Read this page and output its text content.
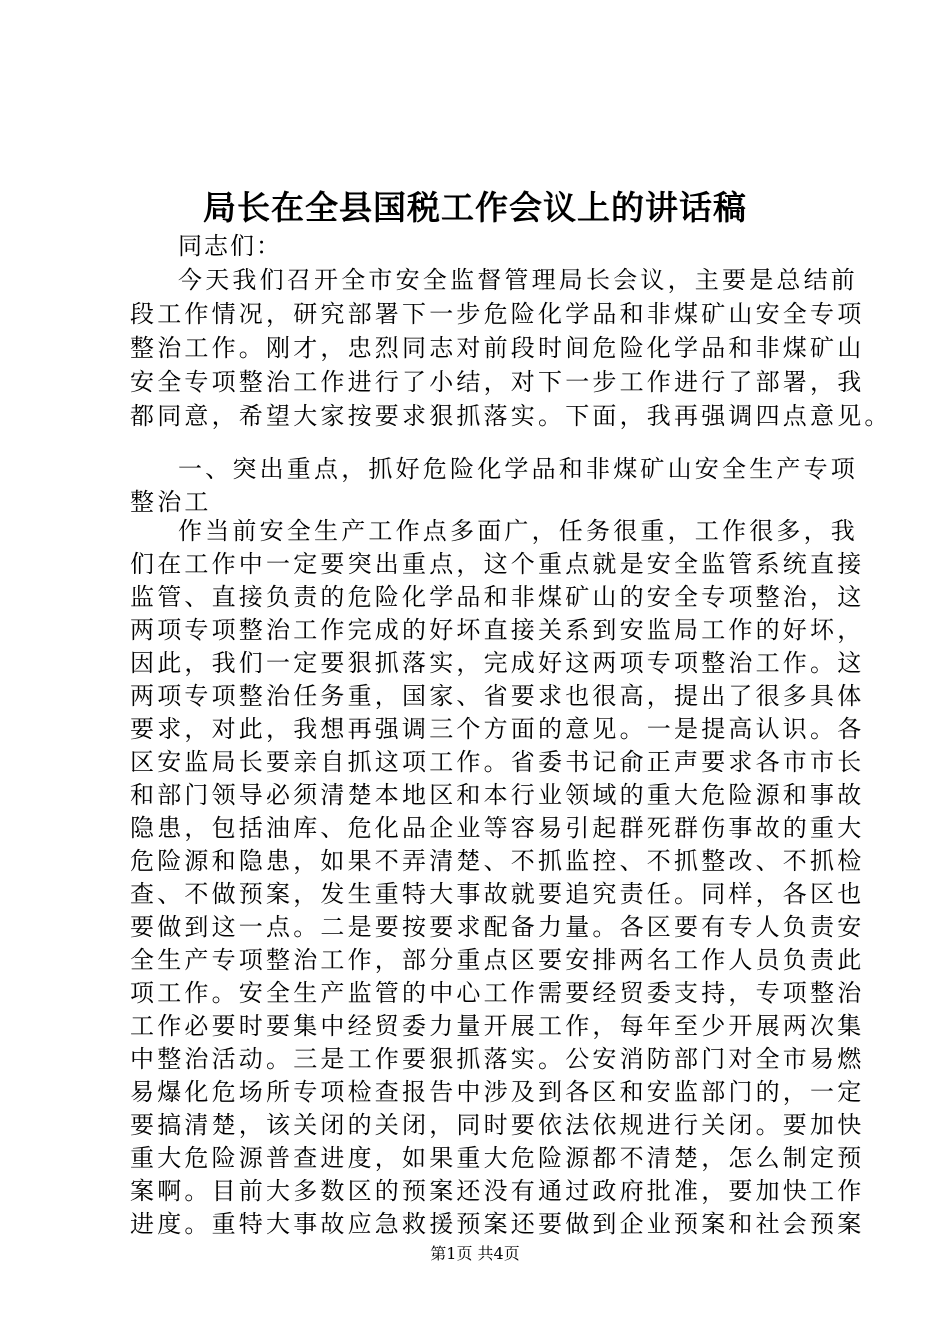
局长在全县国税工作会议上的讲话稿
同志们：
今天我们召开全市安全监督管理局长会议，主要是总结前
段工作情况，研究部署下一步危险化学品和非煤矿山安全专项
整治工作。刚才，忠烈同志对前段时间危险化学品和非煤矿山
安全专项整治工作进行了小结，对下一步工作进行了部署，我
都同意，希望大家按要求狠抓落实。下面，我再强调四点意见。
一、突出重点，抓好危险化学品和非煤矿山安全生产专项
整治工
作当前安全生产工作点多面广，任务很重，工作很多，我
们在工作中一定要突出重点，这个重点就是安全监管系统直接
监管、直接负责的危险化学品和非煤矿山的安全专项整治，这
两项专项整治工作完成的好坏直接关系到安监局工作的好坏，
因此，我们一定要狠抓落实，完成好这两项专项整治工作。这
两项专项整治任务重，国家、省要求也很高，提出了很多具体
要求，对此，我想再强调三个方面的意见。一是提高认识。各
区安监局长要亲自抓这项工作。省委书记俞正声要求各市市长
和部门领导必须清楚本地区和本行业领域的重大危险源和事故
隐患，包括油库、危化品企业等容易引起群死群伤事故的重大
危险源和隐患，如果不弄清楚、不抓监控、不抓整改、不抓检
查、不做预案，发生重特大事故就要追究责任。同样，各区也
要做到这一点。二是要按要求配备力量。各区要有专人负责安
全生产专项整治工作，部分重点区要安排两名工作人员负责此
项工作。安全生产监管的中心工作需要经贸委支持，专项整治
工作必要时要集中经贸委力量开展工作，每年至少开展两次集
中整治活动。三是工作要狠抓落实。公安消防部门对全市易燃
易爆化危场所专项检查报告中涉及到各区和安监部门的，一定
要搞清楚，该关闭的关闭，同时要依法依规进行关闭。要加快
重大危险源普查进度，如果重大危险源都不清楚，怎么制定预
案啊。目前大多数区的预案还没有通过政府批准，要加快工作
进度。重特大事故应急救援预案还要做到企业预案和社会预案
第1页 共4页
